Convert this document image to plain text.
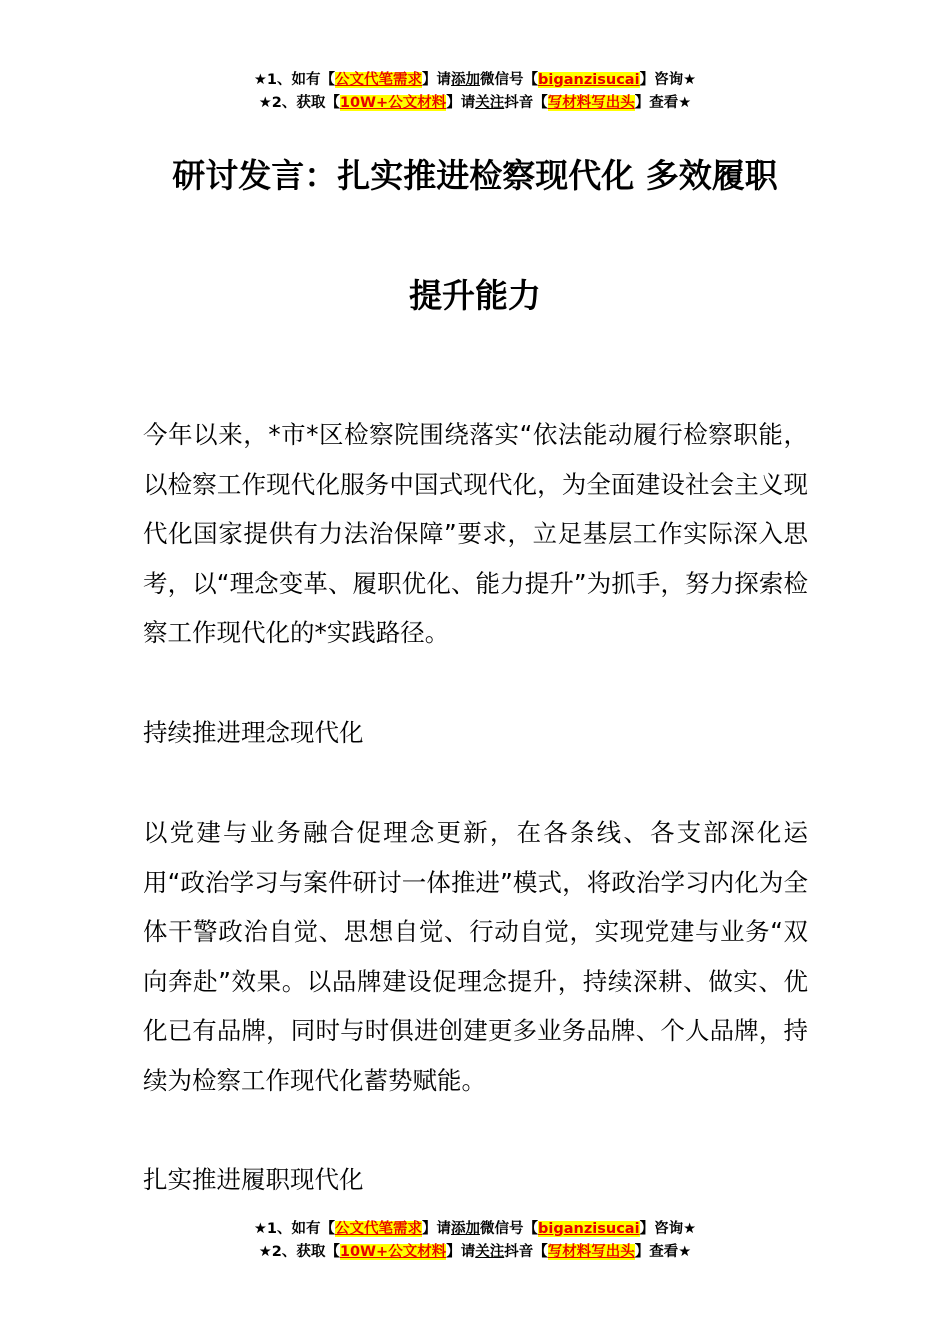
★1、如有【公文代笔需求】请添加微信号【biganzisucai】咨询★
★2、获取【10W+公文材料】请关注抖音【写材料写出头】查看★
研讨发言：扎实推进检察现代化 多效履职
提升能力
今年以来，*市*区检察院围绕落实“依法能动履行检察职能，以检察工作现代化服务中国式现代化，为全面建设社会主义现代化国家提供有力法治保障”要求，立足基层工作实际深入思考，以“理念变革、履职优化、能力提升”为抓手，努力探索检察工作现代化的*实践路径。
持续推进理念现代化
以党建与业务融合促理念更新，在各条线、各支部深化运用“政治学习与案件研讨一体推进”模式，将政治学习内化为全体干警政治自觉、思想自觉、行动自觉，实现党建与业务“双向奔赴”效果。以品牌建设促理念提升，持续深耕、做实、优化已有品牌，同时与时俱进创建更多业务品牌、个人品牌，持续为检察工作现代化蓄势赋能。
扎实推进履职现代化
★1、如有【公文代笔需求】请添加微信号【biganzisucai】咨询★
★2、获取【10W+公文材料】请关注抖音【写材料写出头】查看★
